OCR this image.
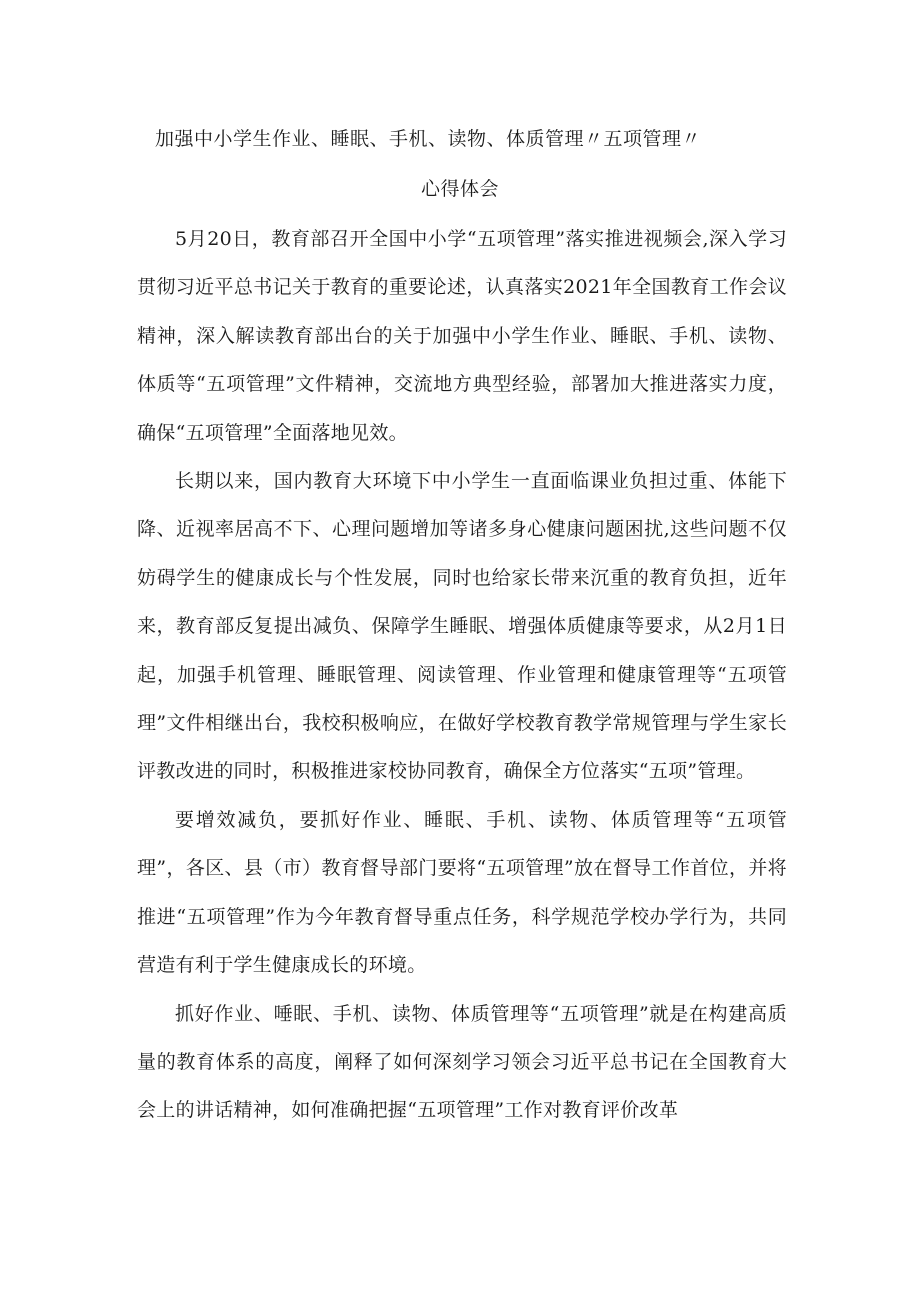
加强中小学生作业、睡眠、手机、读物、体质管理〃五项管理〃
心得体会

5月20日，教育部召开全国中小学“五项管理”落实推进视频会,深入学习贯彻习近平总书记关于教育的重要论述，认真落实2021年全国教育工作会议精神，深入解读教育部出台的关于加强中小学生作业、睡眠、手机、读物、体质等“五项管理”文件精神，交流地方典型经验，部署加大推进落实力度，确保“五项管理”全面落地见效。

长期以来，国内教育大环境下中小学生一直面临课业负担过重、体能下降、近视率居高不下、心理问题增加等诸多身心健康问题困扰,这些问题不仅妨碍学生的健康成长与个性发展，同时也给家长带来沉重的教育负担，近年来，教育部反复提出减负、保障学生睡眠、增强体质健康等要求，从2月1日起，加强手机管理、睡眠管理、阅读管理、作业管理和健康管理等“五项管理”文件相继出台，我校积极响应，在做好学校教育教学常规管理与学生家长评教改进的同时，积极推进家校协同教育，确保全方位落实“五项”管理。

要增效减负，要抓好作业、睡眠、手机、读物、体质管理等“五项管理”，各区、县（市）教育督导部门要将“五项管理”放在督导工作首位，并将推进“五项管理”作为今年教育督导重点任务，科学规范学校办学行为，共同营造有利于学生健康成长的环境。

抓好作业、唾眠、手机、读物、体质管理等“五项管理”就是在构建高质量的教育体系的高度，阐释了如何深刻学习领会习近平总书记在全国教育大会上的讲话精神，如何准确把握“五项管理”工作对教育评价改革
